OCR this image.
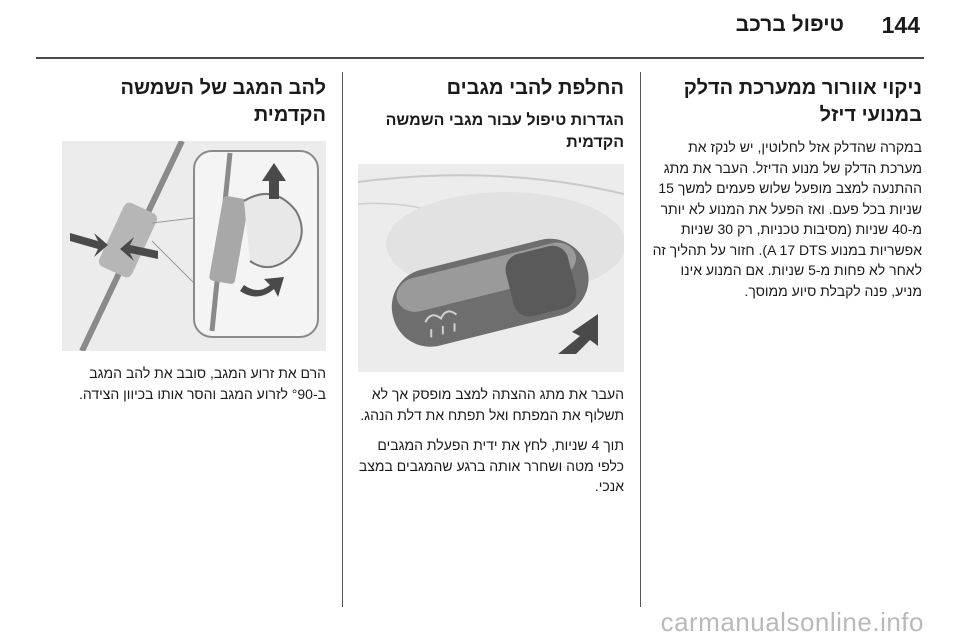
144
טיפול ברכב
ניקוי אוורור ממערכת הדלק במנועי דיזל

במקרה שהדלק אזל לחלוטין, יש לנקז את מערכת הדלק של מנוע הדיזל. העבר את מתג ההתנעה למצב מופעל שלוש פעמים למשך 15 שניות בכל פעם. ואז הפעל את המנוע לא יותר מ-40 שניות (מסיבות טכניות, רק 30 שניות אפשריות במנוע A 17 DTS). חזור על תהליך זה לאחר לא פחות מ-5 שניות. אם המנוע אינו מניע, פנה לקבלת סיוע ממוסך.

החלפת להבי מגבים
הגדרות טיפול עבור מגבי השמשה הקדמית

העבר את מתג ההצתה למצב מופסק אך לא תשלוף את המפתח ואל תפתח את דלת הנהג.

תוך 4 שניות, לחץ את ידית הפעלת המגבים כלפי מטה ושחרר אותה ברגע שהמגבים במצב אנכי.

להב המגב של השמשה הקדמית

הרם את זרוע המגב, סובב את להב המגב ב-°90 לזרוע המגב והסר אותו בכיוון הצידה.

carmanualsonline.info
